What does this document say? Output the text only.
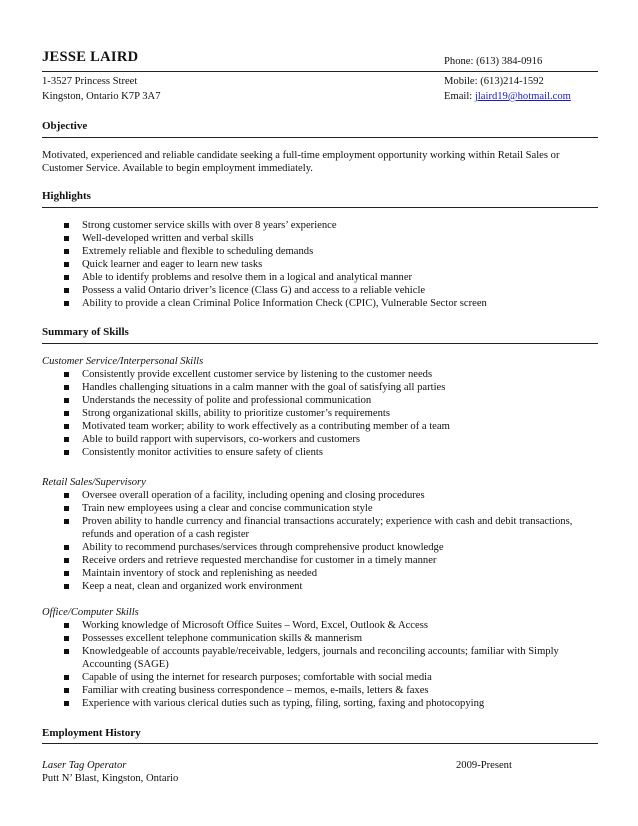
JESSE LAIRD	Phone: (613) 384-0916
1-3527 Princess Street	Mobile: (613)214-1592
Kingston, Ontario K7P 3A7	Email: jlaird19@hotmail.com
Objective
Motivated, experienced and reliable candidate seeking a full-time employment opportunity working within Retail Sales or Customer Service. Available to begin employment immediately.
Highlights
Strong customer service skills with over 8 years’ experience
Well-developed written and verbal skills
Extremely reliable and flexible to scheduling demands
Quick learner and eager to learn new tasks
Able to identify problems and resolve them in a logical and analytical manner
Possess a valid Ontario driver’s licence (Class G) and access to a reliable vehicle
Ability to provide a clean Criminal Police Information Check (CPIC), Vulnerable Sector screen
Summary of Skills
Customer Service/Interpersonal Skills
Consistently provide excellent customer service by listening to the customer needs
Handles challenging situations in a calm manner with the goal of satisfying all parties
Understands the necessity of polite and professional communication
Strong organizational skills, ability to prioritize customer’s requirements
Motivated team worker; ability to work effectively as a contributing member of a team
Able to build rapport with supervisors, co-workers and customers
Consistently monitor activities to ensure safety of clients
Retail Sales/Supervisory
Oversee overall operation of a facility, including opening and closing procedures
Train new employees using a clear and concise communication style
Proven ability to handle currency and financial transactions accurately; experience with cash and debit transactions, refunds and operation of a cash register
Ability to recommend purchases/services through comprehensive product knowledge
Receive orders and retrieve requested merchandise for customer in a timely manner
Maintain inventory of stock and replenishing as needed
Keep a neat, clean and organized work environment
Office/Computer Skills
Working knowledge of Microsoft Office Suites – Word, Excel, Outlook & Access
Possesses excellent telephone communication skills & mannerism
Knowledgeable of accounts payable/receivable, ledgers, journals and reconciling accounts; familiar with Simply Accounting (SAGE)
Capable of using the internet for research purposes; comfortable with social media
Familiar with creating business correspondence – memos, e-mails, letters & faxes
Experience with various clerical duties such as typing, filing, sorting, faxing and photocopying
Employment History
Laser Tag Operator	2009-Present
Putt N’ Blast, Kingston, Ontario
